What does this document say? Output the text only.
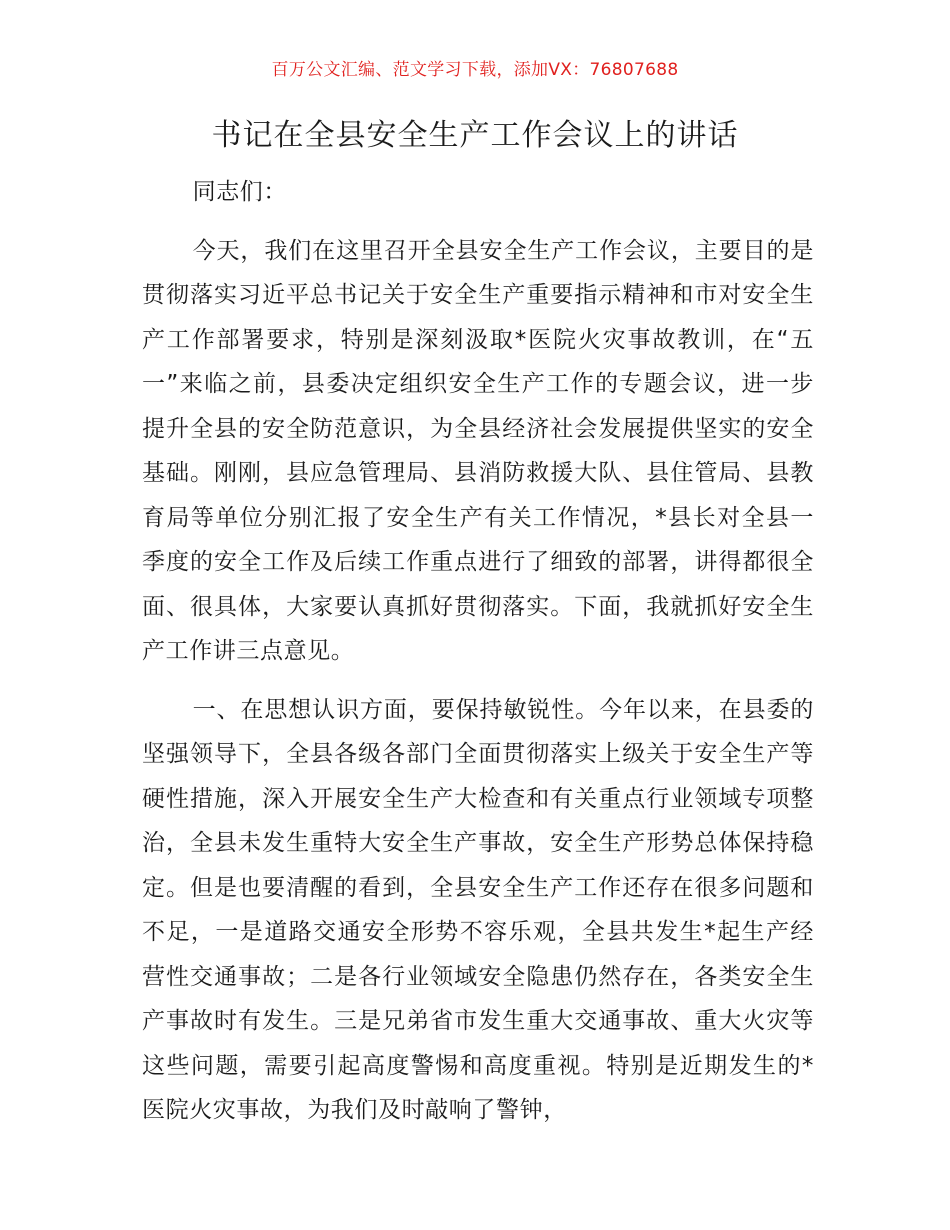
百万公文汇编、范文学习下载，添加VX：76807688
书记在全县安全生产工作会议上的讲话

同志们：

今天，我们在这里召开全县安全生产工作会议，主要目的是贯彻落实习近平总书记关于安全生产重要指示精神和市对安全生产工作部署要求，特别是深刻汲取*医院火灾事故教训，在“五一”来临之前，县委决定组织安全生产工作的专题会议，进一步提升全县的安全防范意识，为全县经济社会发展提供坚实的安全基础。刚刚，县应急管理局、县消防救援大队、县住管局、县教育局等单位分别汇报了安全生产有关工作情况，*县长对全县一季度的安全工作及后续工作重点进行了细致的部署，讲得都很全面、很具体，大家要认真抓好贯彻落实。下面，我就抓好安全生产工作讲三点意见。

一、在思想认识方面，要保持敏锐性。今年以来，在县委的坚强领导下，全县各级各部门全面贯彻落实上级关于安全生产等硬性措施，深入开展安全生产大检查和有关重点行业领域专项整治，全县未发生重特大安全生产事故，安全生产形势总体保持稳定。但是也要清醒的看到，全县安全生产工作还存在很多问题和不足，一是道路交通安全形势不容乐观，全县共发生*起生产经营性交通事故；二是各行业领域安全隐患仍然存在，各类安全生产事故时有发生。三是兄弟省市发生重大交通事故、重大火灾等这些问题，需要引起高度警惕和高度重视。特别是近期发生的*医院火灾事故，为我们及时敲响了警钟，
